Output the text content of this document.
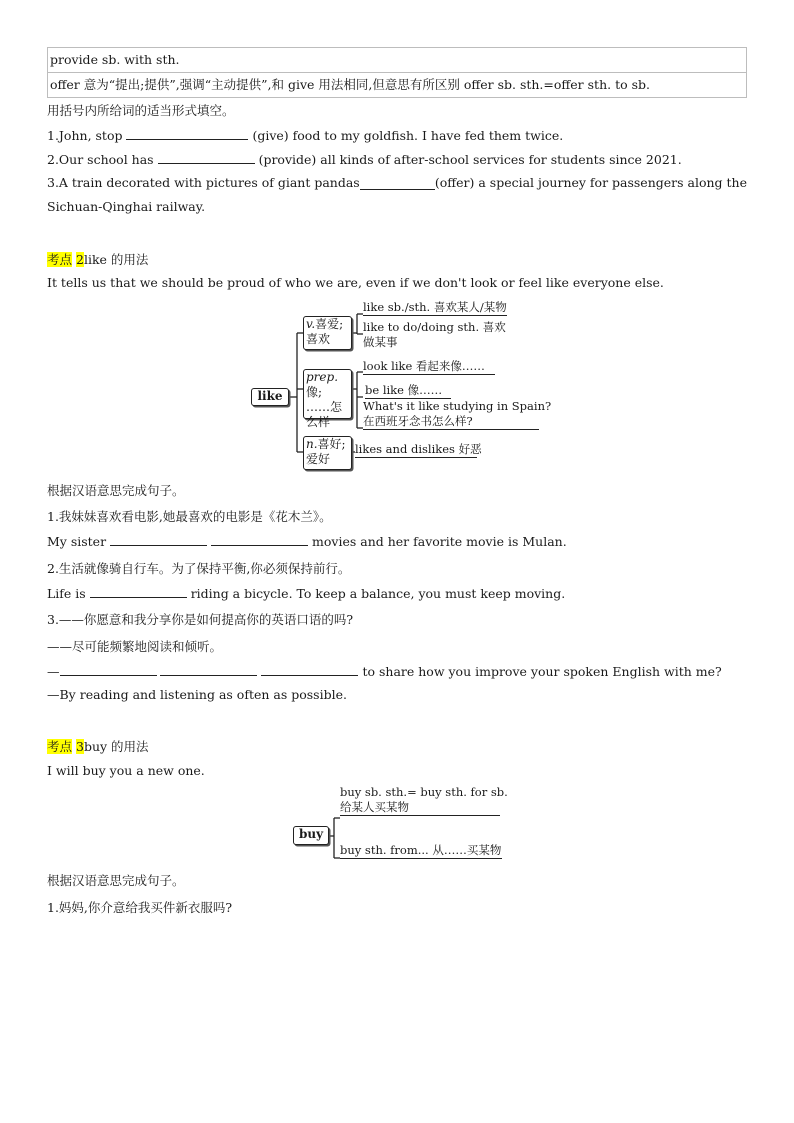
provide sb. with sth.
offer 意为“提出;提供”,强调“主动提供”,和 give 用法相同,但意思有所区别 offer sb. sth.=offer sth. to sb.
用括号内所给词的适当形式填空。
1.John, stop	(give) food to my goldfish. I have fed them twice.
2.Our school has	(provide) all kinds of after-school services for students since 2021.
3.A train decorated with pictures of giant pandas	(offer) a special journey for passengers along the
Sichuan-Qinghai railway.
考点 2like 的用法
It tells us that we should be proud of who we are, even if we don't look or feel like everyone else.
like
v.喜爱;
喜欢
like sb./sth. 喜欢某人/某物
like to do/doing sth. 喜欢
做某事
prep.像;
……怎
么样
look like 看起来像……
be like 像……
What's it like studying in Spain?
在西班牙念书怎么样?
n.喜好;
爱好
likes and dislikes 好恶
根据汉语意思完成句子。
1.我妹妹喜欢看电影,她最喜欢的电影是《花木兰》。
My sister	movies and her favorite movie is Mulan.
2.生活就像骑自行车。为了保持平衡,你必须保持前行。
Life is	riding a bicycle. To keep a balance, you must keep moving.
3.——你愿意和我分享你是如何提高你的英语口语的吗?
——尽可能频繁地阅读和倾听。
—	to share how you improve your spoken English with me?
—By reading and listening as often as possible.
考点 3buy 的用法
I will buy you a new one.
buy
buy sb. sth.= buy sth. for sb.
给某人买某物
buy sth. from... 从……买某物
根据汉语意思完成句子。
1.妈妈,你介意给我买件新衣服吗?
